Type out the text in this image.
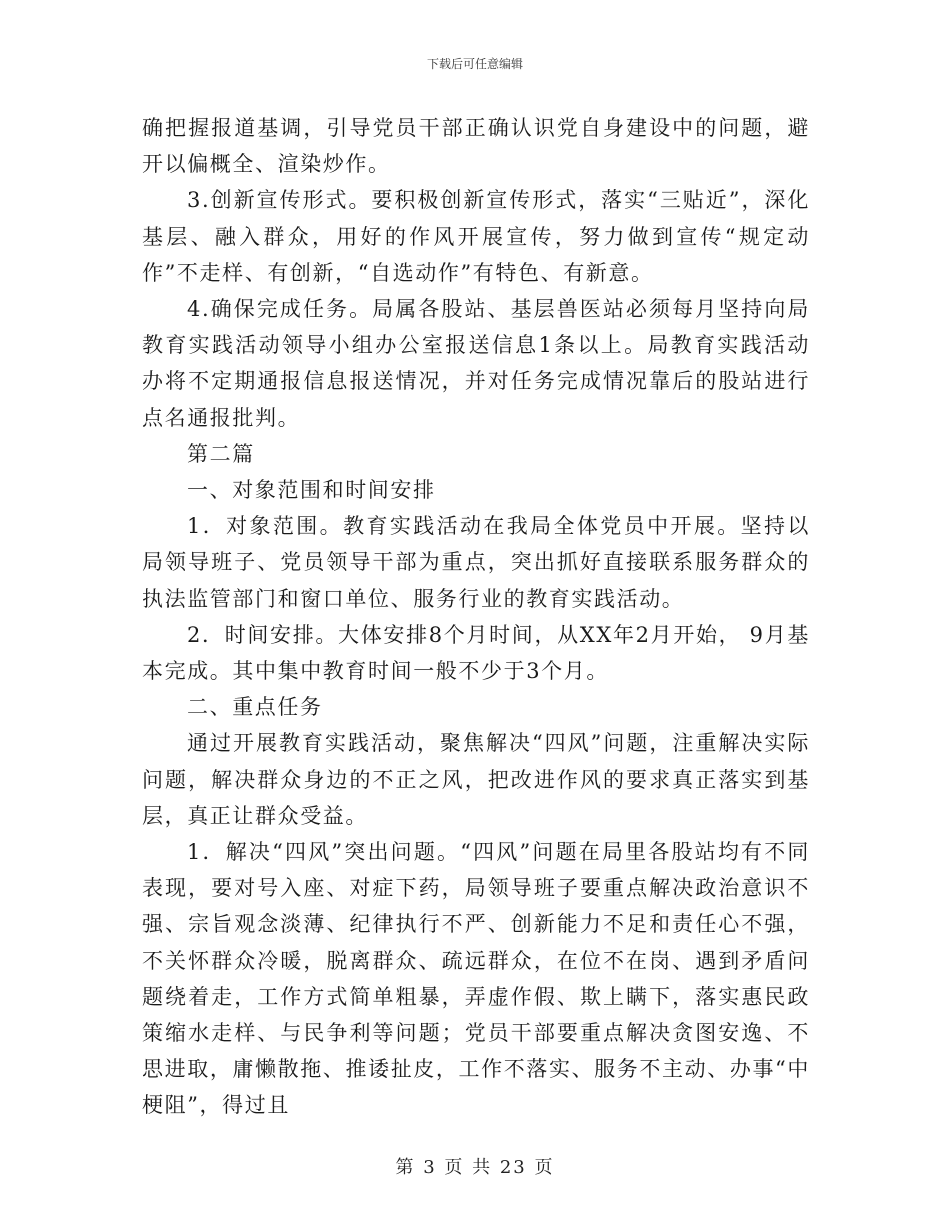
下载后可任意编辑

确把握报道基调，引导党员干部正确认识党自身建设中的问题，避开以偏概全、渲染炒作。

3.创新宣传形式。要积极创新宣传形式，落实“三贴近”，深化基层、融入群众，用好的作风开展宣传，努力做到宣传“规定动作”不走样、有创新，“自选动作”有特色、有新意。

4.确保完成任务。局属各股站、基层兽医站必须每月坚持向局教育实践活动领导小组办公室报送信息1条以上。局教育实践活动办将不定期通报信息报送情况，并对任务完成情况靠后的股站进行点名通报批判。

第二篇

一、对象范围和时间安排

1．对象范围。教育实践活动在我局全体党员中开展。坚持以局领导班子、党员领导干部为重点，突出抓好直接联系服务群众的执法监管部门和窗口单位、服务行业的教育实践活动。

2．时间安排。大体安排8个月时间，从XX年2月开始， 9月基本完成。其中集中教育时间一般不少于3个月。

二、重点任务

通过开展教育实践活动，聚焦解决“四风”问题，注重解决实际问题，解决群众身边的不正之风，把改进作风的要求真正落实到基层，真正让群众受益。

1．解决“四风”突出问题。“四风”问题在局里各股站均有不同表现，要对号入座、对症下药，局领导班子要重点解决政治意识不强、宗旨观念淡薄、纪律执行不严、创新能力不足和责任心不强，不关怀群众冷暖，脱离群众、疏远群众，在位不在岗、遇到矛盾问题绕着走，工作方式简单粗暴，弄虚作假、欺上瞒下，落实惠民政策缩水走样、与民争利等问题；党员干部要重点解决贪图安逸、不思进取，庸懒散拖、推诿扯皮，工作不落实、服务不主动、办事“中梗阻”，得过且

第 3 页 共 23 页
